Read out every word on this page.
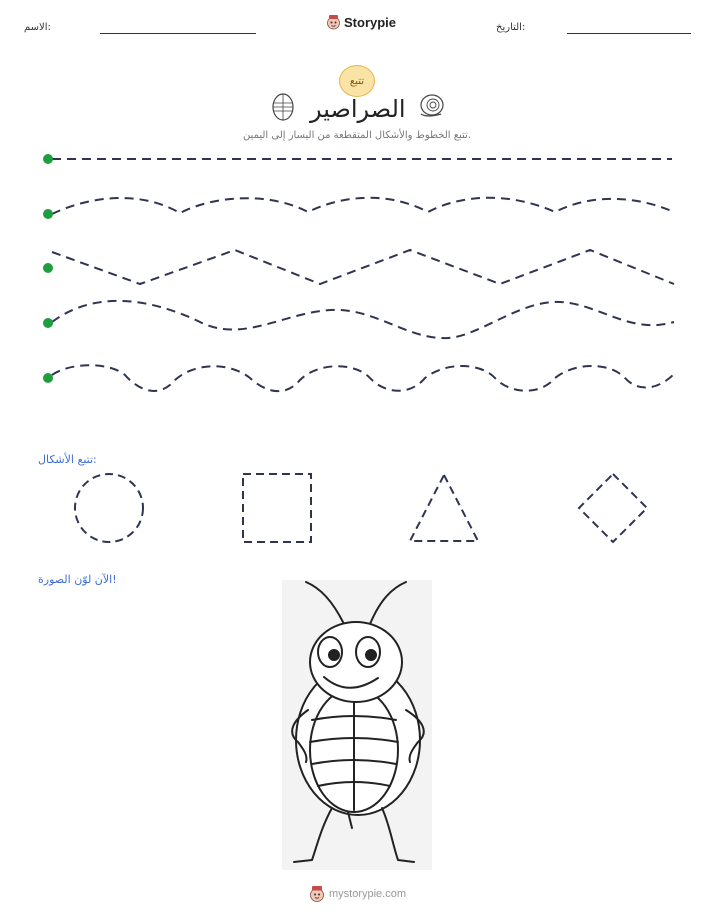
الاسم:	Storypie	التاريخ:
تتبع
الصراصير
تتبع الخطوط والأشكال المتقطعة من اليسار إلى اليمين.
تتبع الأشكال:
الآن لوّن الصورة!
mystorypie.com
